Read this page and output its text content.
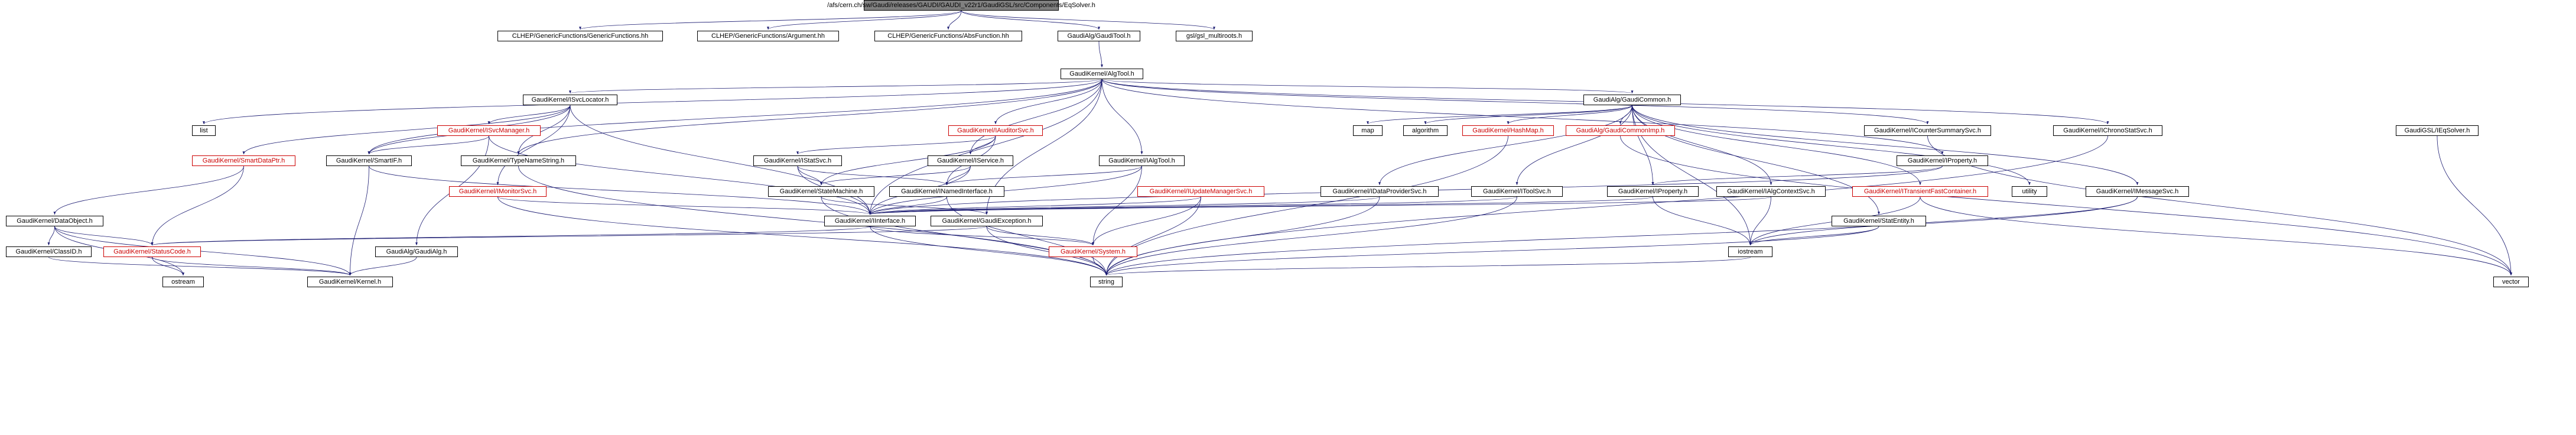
/afs/cern.ch/sw/Gaudi/releases/GAUDI/GAUDI_v22r1/GaudiGSL/src/Components/EqSolver.h
CLHEP/GenericFunctions/GenericFunctions.hh	CLHEP/GenericFunctions/Argument.hh	CLHEP/GenericFunctions/AbsFunction.hh	GaudiAlg/GaudiTool.h	gsl/gsl_multiroots.h
GaudiKernel/AlgTool.h
GaudiKernel/ISvcLocator.h	GaudiAlg/GaudiCommon.h
list	GaudiKernel/ISvcManager.h	GaudiKernel/IAuditorSvc.h	map	algorithm	GaudiKernel/HashMap.h	GaudiAlg/GaudiCommonImp.h	GaudiKernel/ICounterSummarySvc.h	GaudiKernel/IChronoStatSvc.h	GaudiGSL/IEqSolver.h
GaudiKernel/SmartDataPtr.h	GaudiKernel/SmartIF.h	GaudiKernel/TypeNameString.h	GaudiKernel/IStatSvc.h	GaudiKernel/IService.h	GaudiKernel/IAlgTool.h	GaudiKernel/IProperty.h
GaudiKernel/IAlgContextSvc.h
GaudiKernel/IMonitorSvc.h	GaudiKernel/StateMachine.h	GaudiKernel/INamedInterface.h	GaudiKernel/IUpdateManagerSvc.h	GaudiKernel/IDataProviderSvc.h	GaudiKernel/IToolSvc.h	GaudiKernel/IProperty.h	GaudiKernel/ITransientFastContainer.h	utility	GaudiKernel/IMessageSvc.h
GaudiKernel/DataObject.h	GaudiKernel/IInterface.h	GaudiKernel/GaudiException.h	GaudiKernel/StatEntity.h
GaudiKernel/ClassID.h	GaudiKernel/StatusCode.h	GaudiAlg/GaudiAlg.h	GaudiKernel/System.h	iostream
ostream	GaudiKernel/Kernel.h	string	vector
